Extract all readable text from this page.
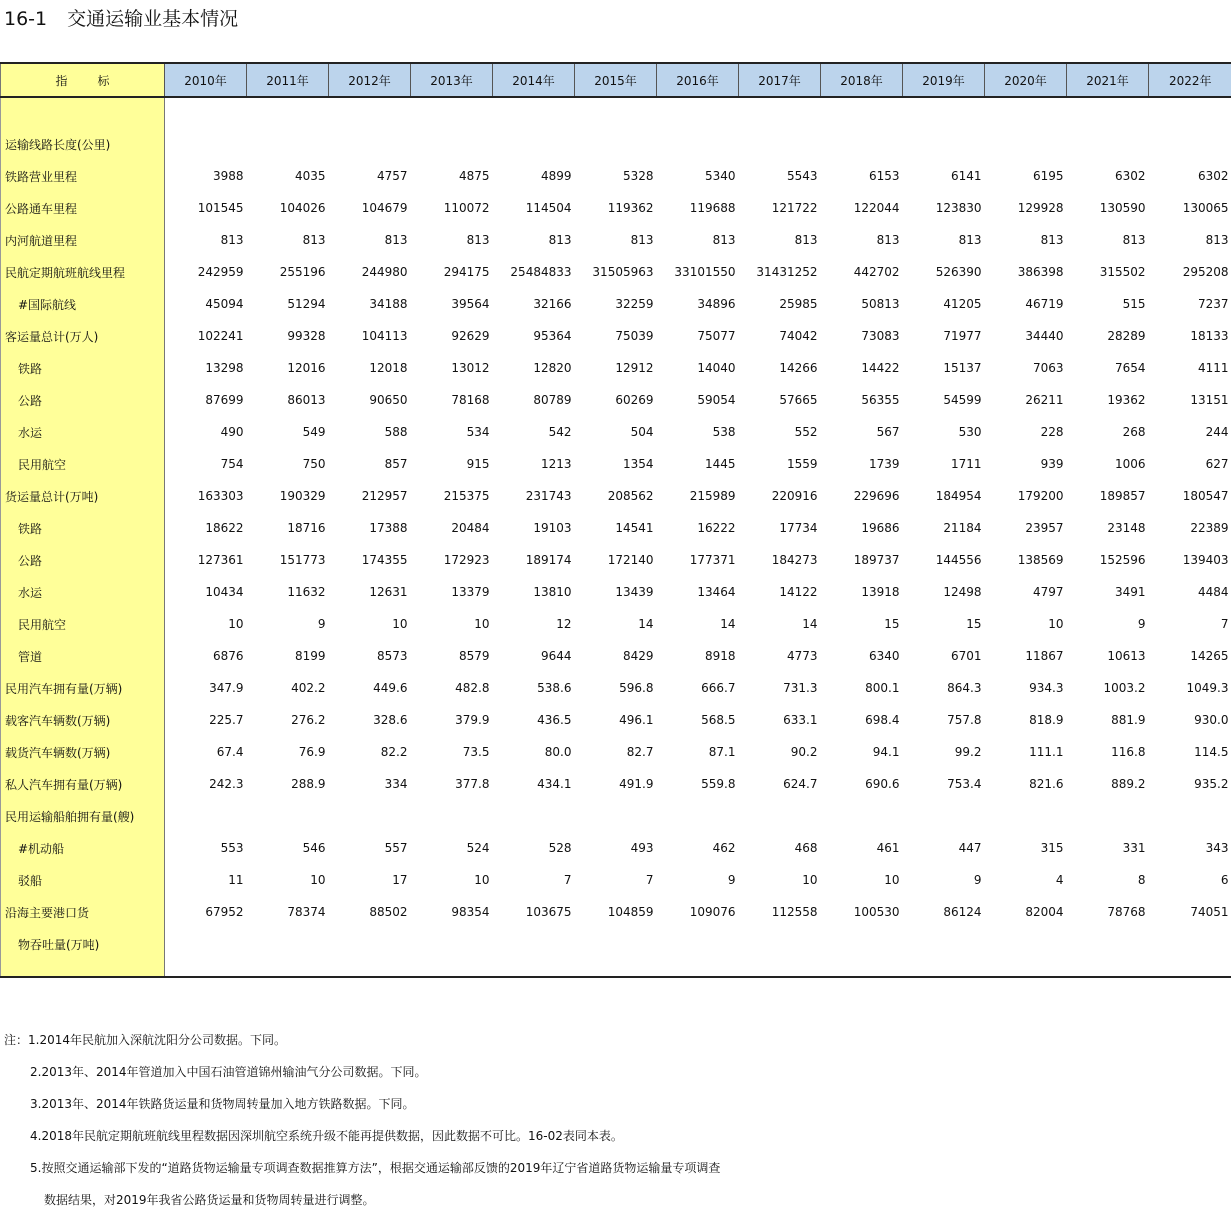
16-1 交通运输业基本情况
指 标	2010年	2011年	2012年	2013年	2014年	2015年	2016年	2017年	2018年	2019年	2020年	2021年	2022年

运输线路长度(公里)													
铁路营业里程	3988	4035	4757	4875	4899	5328	5340	5543	6153	6141	6195	6302	6302
公路通车里程	101545	104026	104679	110072	114504	119362	119688	121722	122044	123830	129928	130590	130065
内河航道里程	813	813	813	813	813	813	813	813	813	813	813	813	813
民航定期航班航线里程	242959	255196	244980	294175	25484833	31505963	33101550	31431252	442702	526390	386398	315502	295208
#国际航线	45094	51294	34188	39564	32166	32259	34896	25985	50813	41205	46719	515	7237
客运量总计(万人)	102241	99328	104113	92629	95364	75039	75077	74042	73083	71977	34440	28289	18133
铁路	13298	12016	12018	13012	12820	12912	14040	14266	14422	15137	7063	7654	4111
公路	87699	86013	90650	78168	80789	60269	59054	57665	56355	54599	26211	19362	13151
水运	490	549	588	534	542	504	538	552	567	530	228	268	244
民用航空	754	750	857	915	1213	1354	1445	1559	1739	1711	939	1006	627
货运量总计(万吨)	163303	190329	212957	215375	231743	208562	215989	220916	229696	184954	179200	189857	180547
铁路	18622	18716	17388	20484	19103	14541	16222	17734	19686	21184	23957	23148	22389
公路	127361	151773	174355	172923	189174	172140	177371	184273	189737	144556	138569	152596	139403
水运	10434	11632	12631	13379	13810	13439	13464	14122	13918	12498	4797	3491	4484
民用航空	10	9	10	10	12	14	14	14	15	15	10	9	7
管道	6876	8199	8573	8579	9644	8429	8918	4773	6340	6701	11867	10613	14265
民用汽车拥有量(万辆)	347.9	402.2	449.6	482.8	538.6	596.8	666.7	731.3	800.1	864.3	934.3	1003.2	1049.3
载客汽车辆数(万辆)	225.7	276.2	328.6	379.9	436.5	496.1	568.5	633.1	698.4	757.8	818.9	881.9	930.0
载货汽车辆数(万辆)	67.4	76.9	82.2	73.5	80.0	82.7	87.1	90.2	94.1	99.2	111.1	116.8	114.5
私人汽车拥有量(万辆)	242.3	288.9	334	377.8	434.1	491.9	559.8	624.7	690.6	753.4	821.6	889.2	935.2
民用运输船舶拥有量(艘)													
#机动船	553	546	557	524	528	493	462	468	461	447	315	331	343
驳船	11	10	17	10	7	7	9	10	10	9	4	8	6
沿海主要港口货	67952	78374	88502	98354	103675	104859	109076	112558	100530	86124	82004	78768	74051
物吞吐量(万吨)													

注：1.2014年民航加入深航沈阳分公司数据。下同。
2.2013年、2014年管道加入中国石油管道锦州输油气分公司数据。下同。
3.2013年、2014年铁路货运量和货物周转量加入地方铁路数据。下同。
4.2018年民航定期航班航线里程数据因深圳航空系统升级不能再提供数据，因此数据不可比。16-02表同本表。
5.按照交通运输部下发的“道路货物运输量专项调查数据推算方法”，根据交通运输部反馈的2019年辽宁省道路货物运输量专项调查
数据结果，对2019年我省公路货运量和货物周转量进行调整。
